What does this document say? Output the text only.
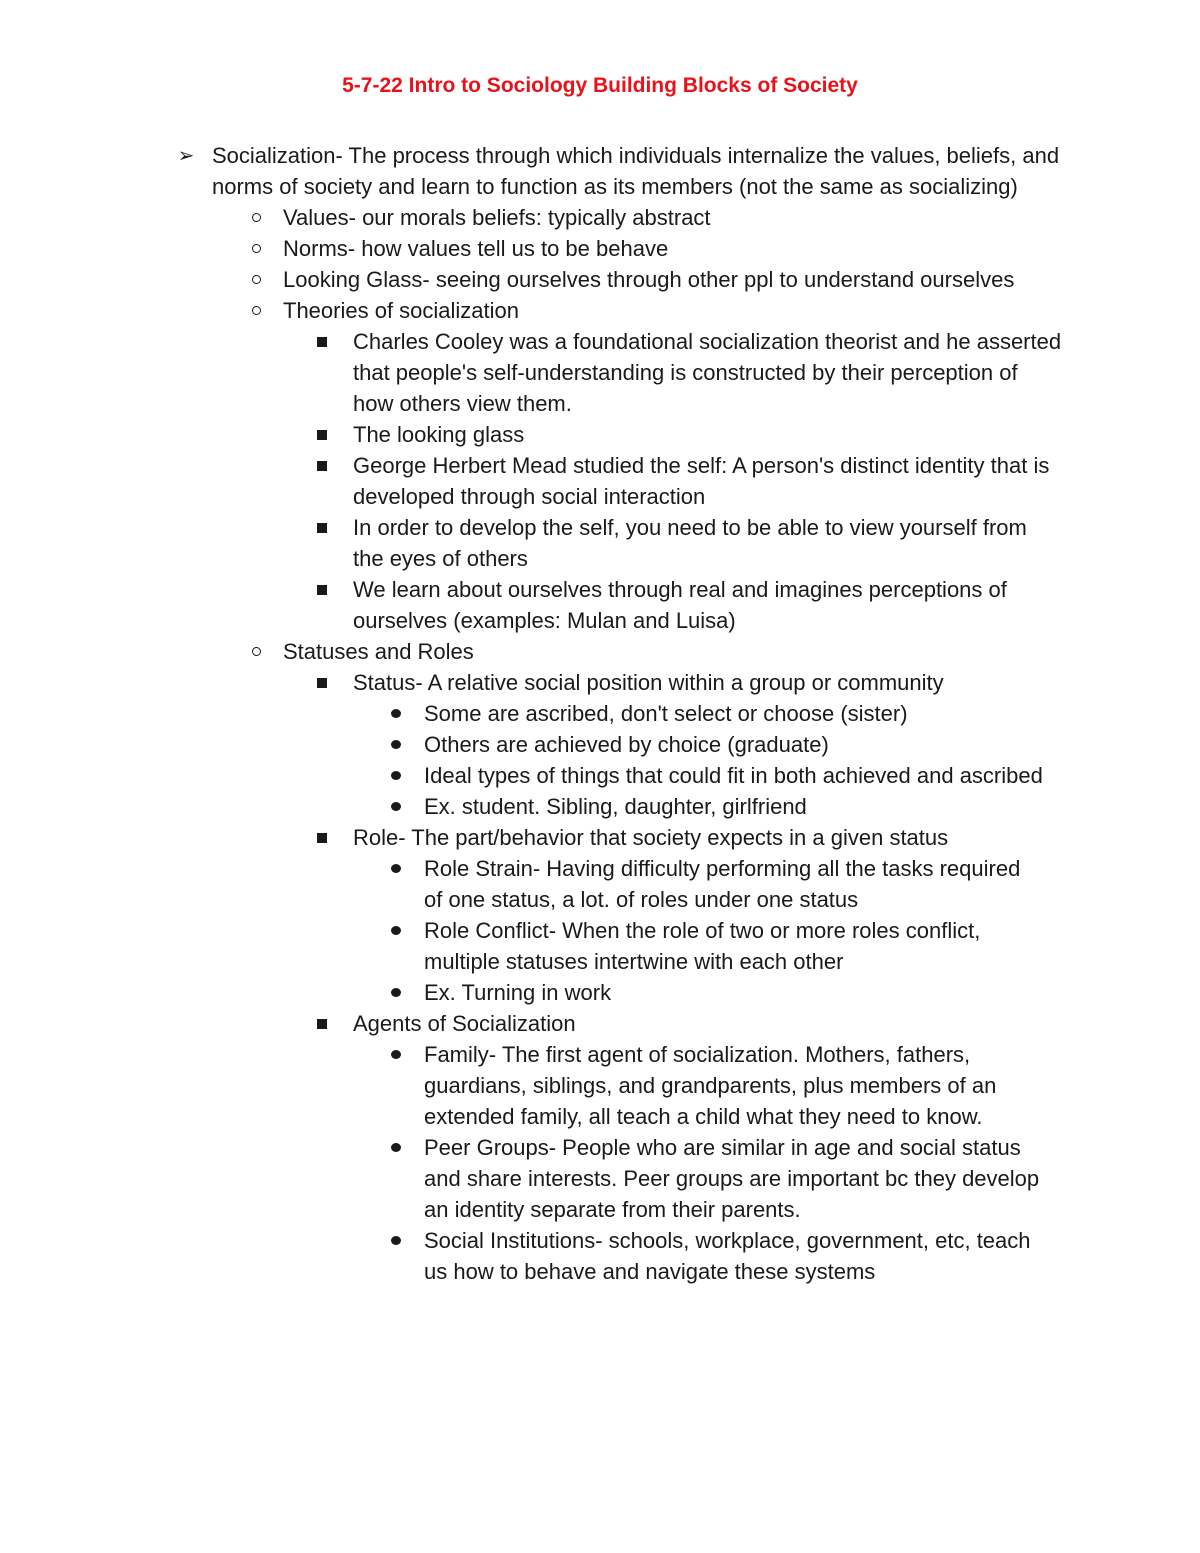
5-7-22 Intro to Sociology Building Blocks of Society
➢ Socialization- The process through which individuals internalize the values, beliefs, and norms of society and learn to function as its members (not the same as socializing)
Values- our morals beliefs: typically abstract
Norms- how values tell us to be behave
Looking Glass- seeing ourselves through other ppl to understand ourselves
Theories of socialization
Charles Cooley was a foundational socialization theorist and he asserted that people's self-understanding is constructed by their perception of how others view them.
The looking glass
George Herbert Mead studied the self: A person's distinct identity that is developed through social interaction
In order to develop the self, you need to be able to view yourself from the eyes of others
We learn about ourselves through real and imagines perceptions of ourselves (examples: Mulan and Luisa)
Statuses and Roles
Status- A relative social position within a group or community
Some are ascribed, don't select or choose (sister)
Others are achieved by choice (graduate)
Ideal types of things that could fit in both achieved and ascribed
Ex. student. Sibling, daughter, girlfriend
Role- The part/behavior that society expects in a given status
Role Strain- Having difficulty performing all the tasks required of one status, a lot. of roles under one status
Role Conflict- When the role of two or more roles conflict, multiple statuses intertwine with each other
Ex. Turning in work
Agents of Socialization
Family- The first agent of socialization. Mothers, fathers, guardians, siblings, and grandparents, plus members of an extended family, all teach a child what they need to know.
Peer Groups- People who are similar in age and social status and share interests. Peer groups are important bc they develop an identity separate from their parents.
Social Institutions- schools, workplace, government, etc, teach us how to behave and navigate these systems
